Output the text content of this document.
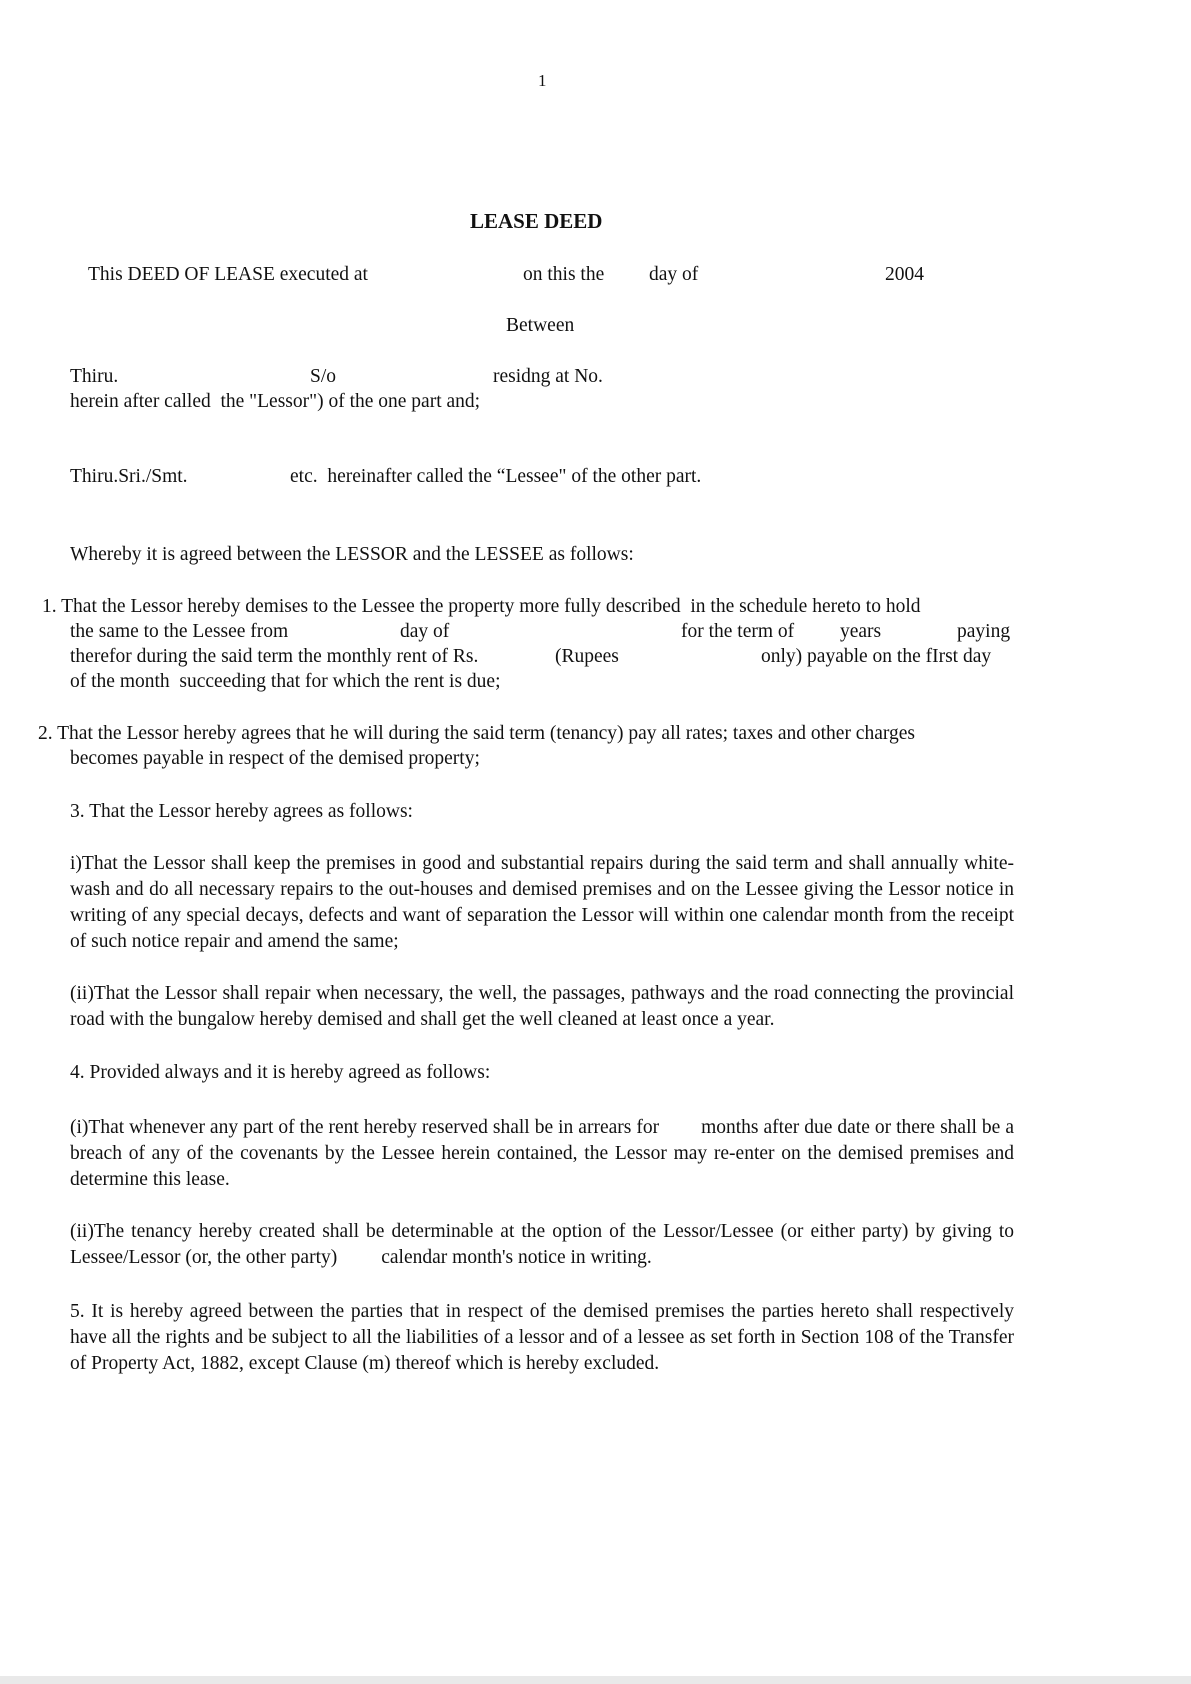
1
LEASE DEED
This DEED OF LEASE executed at	on this the day of	2004
Between
Thiru.	S/o	residng at No.
herein after called  the "Lessor") of the one part and;
Thiru.Sri./Smt.	etc.  hereinafter called the “Lessee" of the other part.
Whereby it is agreed between the LESSOR and the LESSEE as follows:
1. That the Lessor hereby demises to the Lessee the property more fully described  in the schedule hereto to hold
the same to the Lessee from	day of	for the term of years	paying
therefor during the said term the monthly rent of Rs.	(Rupees	only) payable on the fIrst day
of the month  succeeding that for which the rent is due;
2. That the Lessor hereby agrees that he will during the said term (tenancy) pay all rates; taxes and other charges
becomes payable in respect of the demised property;
3. That the Lessor hereby agrees as follows:
i)That the Lessor shall keep the premises in good and substantial repairs during the said term and shall annually white-wash and do all necessary repairs to the out-houses and demised premises and on the Lessee giving the Lessor notice in writing of any special decays, defects and want of separation the Lessor will within one calendar month from the receipt of such notice repair and amend the same;
(ii)That the Lessor shall repair when necessary, the well, the passages, pathways and the road connecting the provincial road with the bungalow hereby demised and shall get the well cleaned at least once a year.
4. Provided always and it is hereby agreed as follows:
(i)That whenever any part of the rent hereby reserved shall be in arrears for months after due date or there shall be a breach of any of the covenants by the Lessee herein contained, the Lessor may re-enter on the demised premises and determine this lease.
(ii)The tenancy hereby created shall be determinable at the option of the Lessor/Lessee (or either party) by giving to Lessee/Lessor (or, the other party) calendar month's notice in writing.
5. It is hereby agreed between the parties that in respect of the demised premises the parties hereto shall respectively have all the rights and be subject to all the liabilities of a lessor and of a lessee as set forth in Section 108 of the Transfer of Property Act, 1882, except Clause (m) thereof which is hereby excluded.
